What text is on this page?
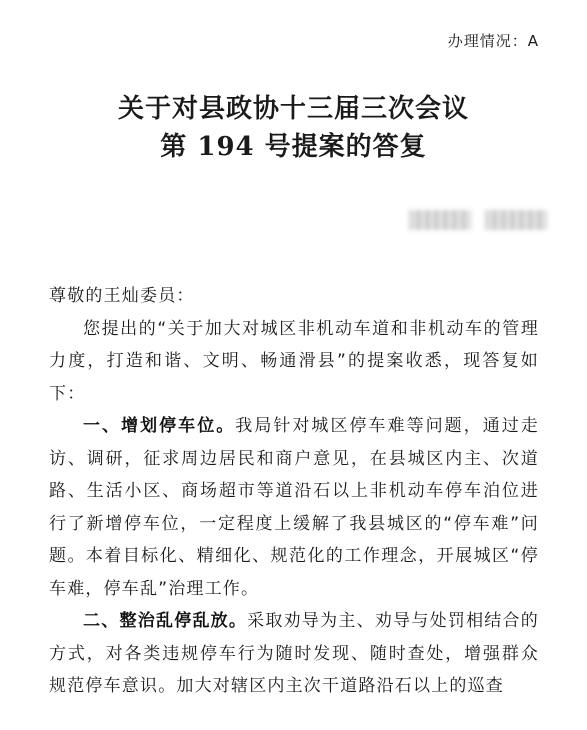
办理情况：A
关于对县政协十三届三次会议
第 194 号提案的答复

尊敬的王灿委员：

您提出的“关于加大对城区非机动车道和非机动车的管理力度，打造和谐、文明、畅通滑县”的提案收悉，现答复如下：

一、增划停车位。我局针对城区停车难等问题，通过走访、调研，征求周边居民和商户意见，在县城区内主、次道路、生活小区、商场超市等道沿石以上非机动车停车泊位进行了新增停车位，一定程度上缓解了我县城区的“停车难”问题。本着目标化、精细化、规范化的工作理念，开展城区“停车难，停车乱”治理工作。

二、整治乱停乱放。采取劝导为主、劝导与处罚相结合的方式，对各类违规停车行为随时发现、随时查处，增强群众规范停车意识。加大对辖区内主次干道路沿石以上的巡查
